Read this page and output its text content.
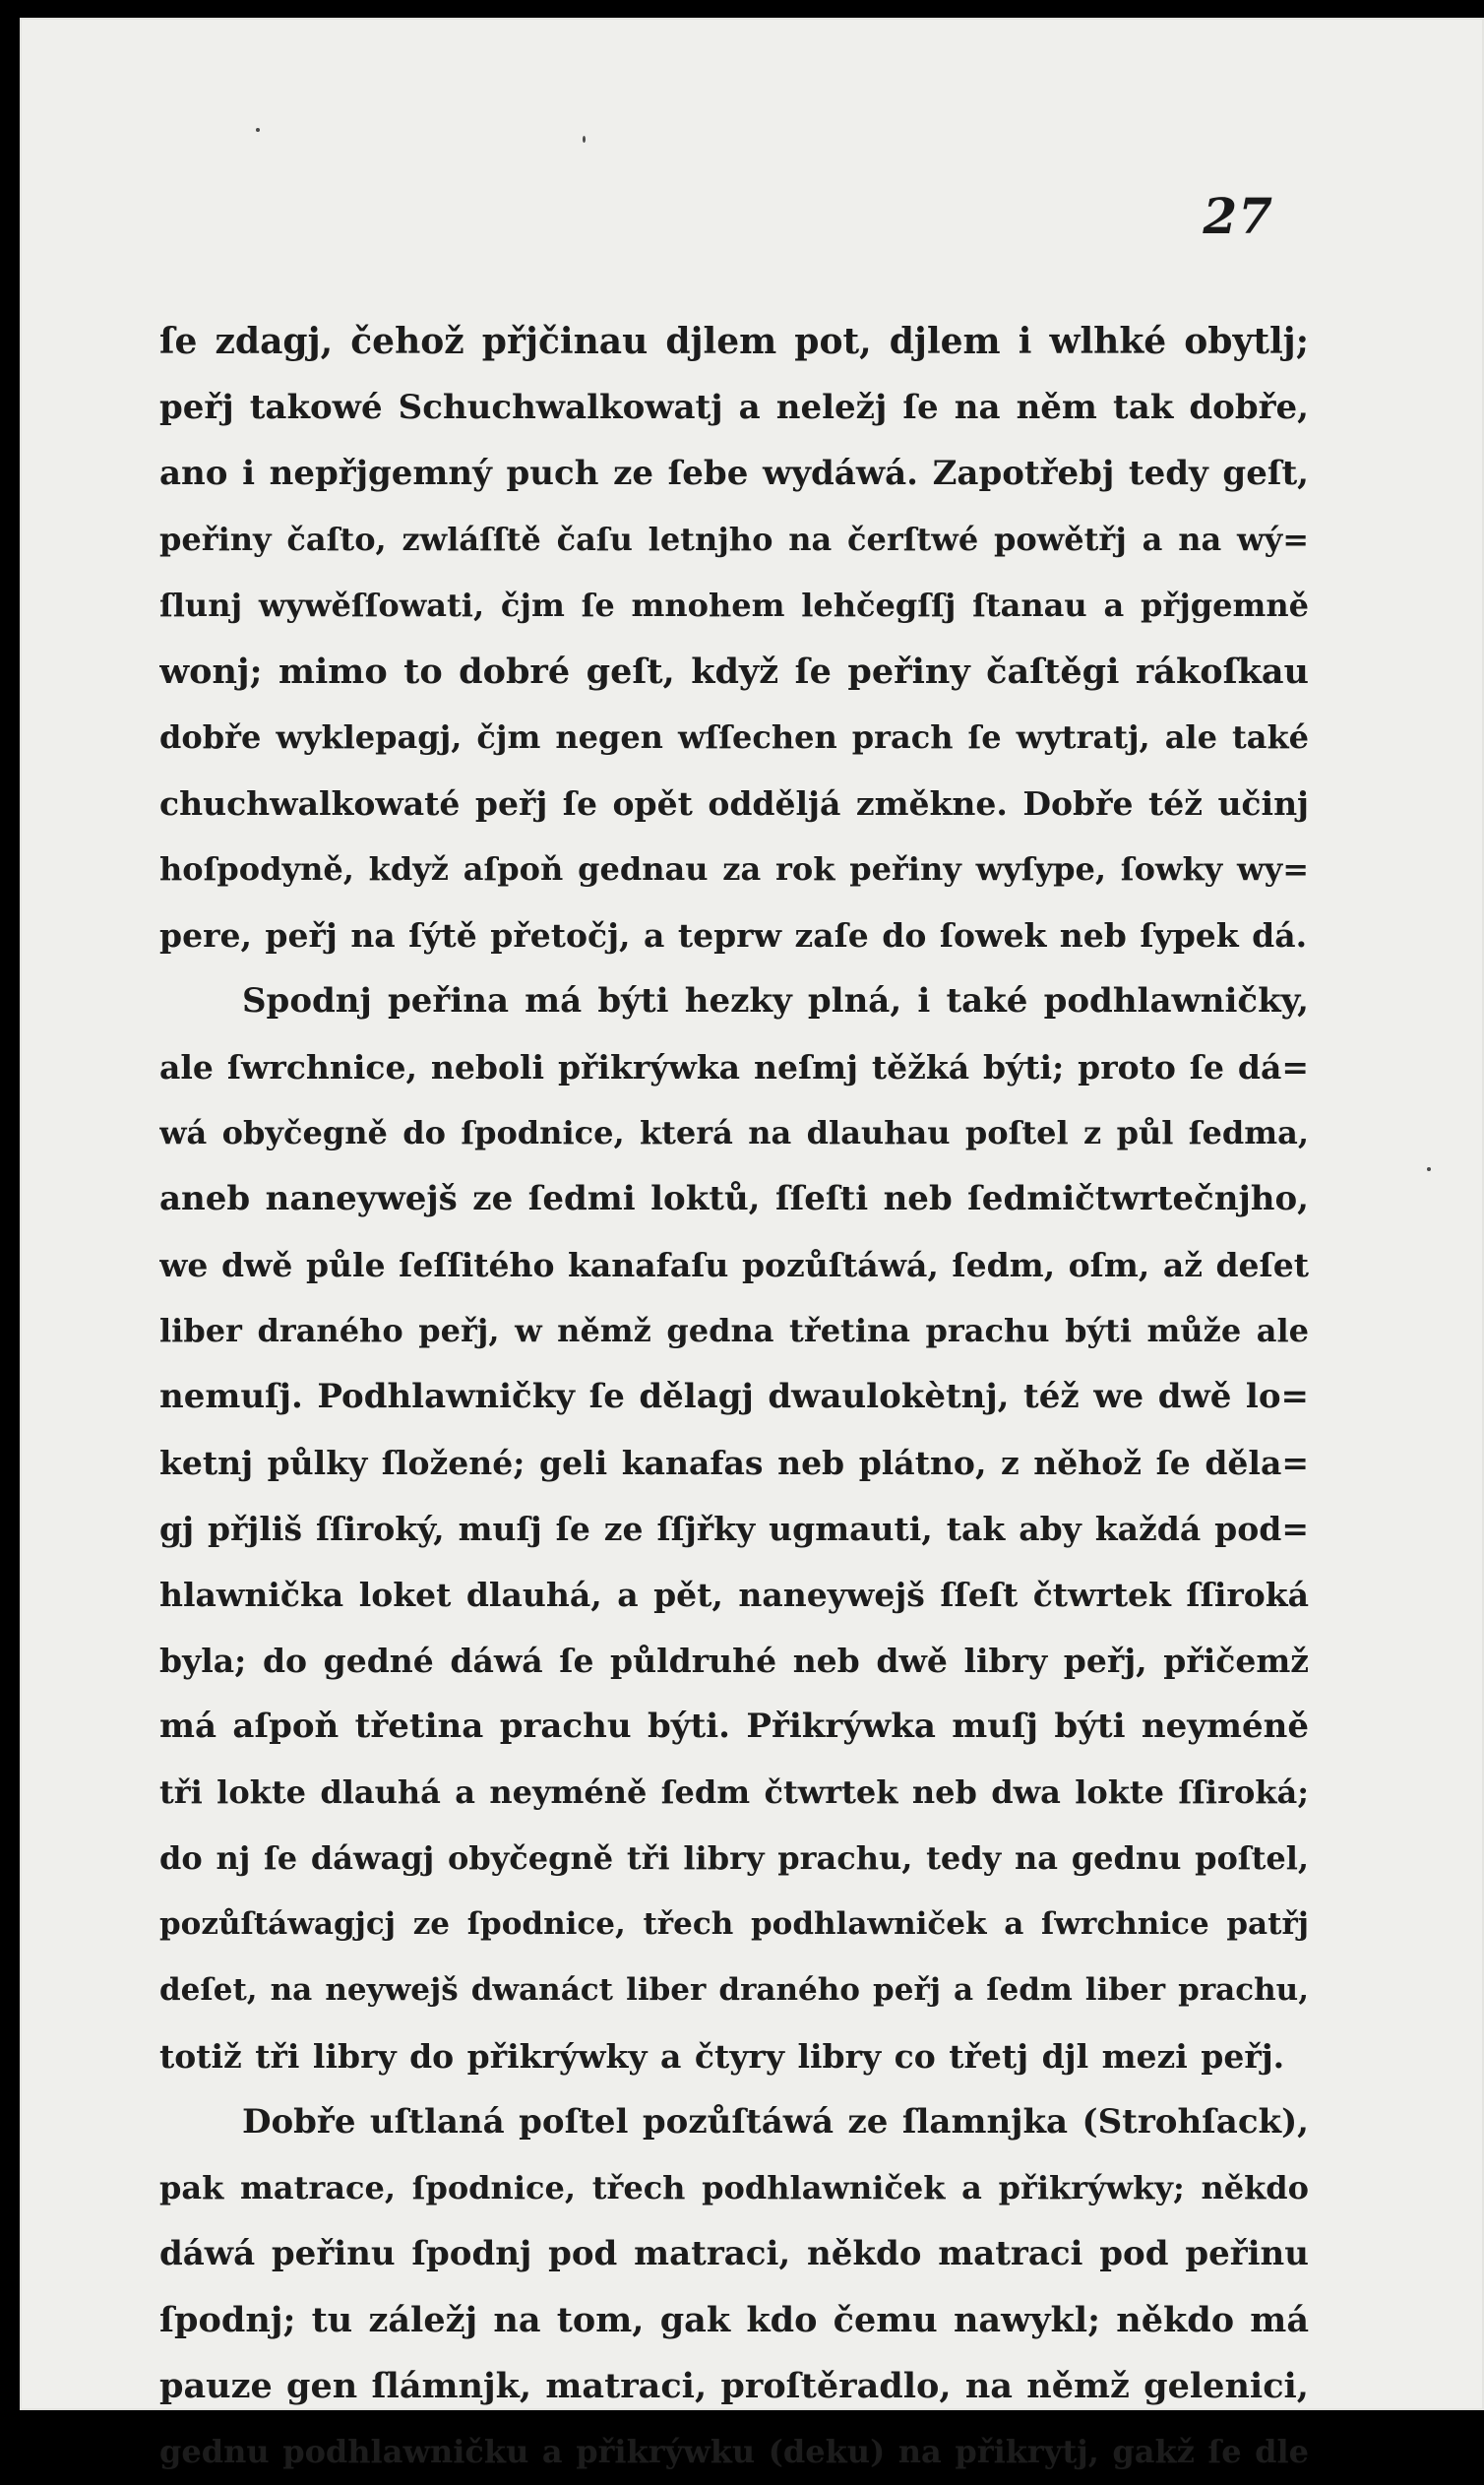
27

ſe zdagj, čehož přjčinau djlem pot, djlem i wlhké obytlj;
peřj takowé Schuchwalkowatj a neležj ſe na něm tak dobře,
ano i nepřjgemný puch ze ſebe wydáwá. Zapotřebj tedy geſt,
peřiny čaſto, zwláſſtě čaſu letnjho na čerſtwé powětřj a na wý=
ſlunj wywěſſowati, čjm ſe mnohem lehčegſſj ſtanau a přjgemně
wonj; mimo to dobré geſt, když ſe peřiny čaſtěgi rákoſkau
dobře wyklepagj, čjm negen wſſechen prach ſe wytratj, ale také
chuchwalkowaté peřj ſe opět odděljá změkne. Dobře též učinj
hoſpodyně, když aſpoň gednau za rok peřiny wyſype, ſowky wy=
pere, peřj na ſýtě přetočj, a teprw zaſe do ſowek neb ſypek dá.
Spodnj peřina má býti hezky plná, i také podhlawničky,
ale ſwrchnice, neboli přikrýwka neſmj těžká býti; proto ſe dá=
wá obyčegně do ſpodnice, která na dlauhau poſtel z půl ſedma,
aneb naneywejš ze ſedmi loktů, ſſeſti neb ſedmičtwrtečnjho,
we dwě půle ſeſſitého kanafaſu pozůſtáwá, ſedm, oſm, až deſet
liber draného peřj, w němž gedna třetina prachu býti může ale
nemuſj. Podhlawničky ſe dělagj dwaulokètnj, též we dwě lo=
ketnj půlky ſložené; geli kanafas neb plátno, z něhož ſe děla=
gj přjliš ſſiroký, muſj ſe ze ſſjřky ugmauti, tak aby každá pod=
hlawnička loket dlauhá, a pět, naneywejš ſſeſt čtwrtek ſſiroká
byla; do gedné dáwá ſe půldruhé neb dwě libry peřj, přičemž
má aſpoň třetina prachu býti. Přikrýwka muſj býti neyméně
tři lokte dlauhá a neyméně ſedm čtwrtek neb dwa lokte ſſiroká;
do nj ſe dáwagj obyčegně tři libry prachu, tedy na gednu poſtel,
pozůſtáwagjcj ze ſpodnice, třech podhlawniček a ſwrchnice patřj
deſet, na neywejš dwanáct liber draného peřj a ſedm liber prachu,
totiž tři libry do přikrýwky a čtyry libry co třetj djl mezi peřj.
Dobře uſtlaná poſtel pozůſtáwá ze ſlamnjka (Strohſack),
pak matrace, ſpodnice, třech podhlawniček a přikrýwky; někdo
dáwá peřinu ſpodnj pod matraci, někdo matraci pod peřinu
ſpodnj; tu záležj na tom, gak kdo čemu nawykl; někdo má
pauze gen ſlámnjk, matraci, proſtěradlo, na němž gelenici,
gednu podhlawničku a přikrýwku (deku) na přikrytj, gakž ſe dle
